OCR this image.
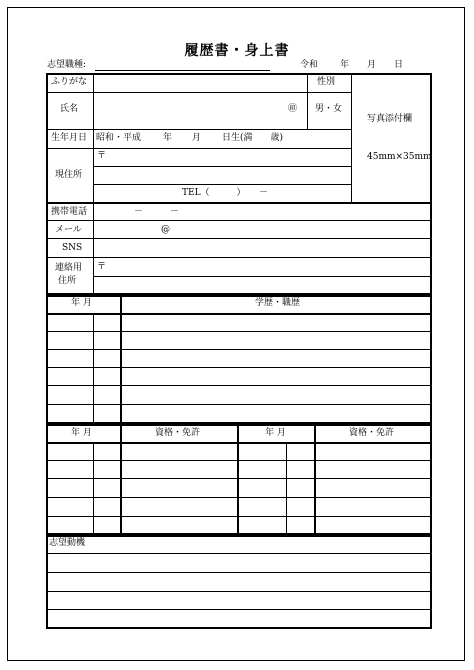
履歴書・身上書
志望職種:	令和 年 月 日
ふりがな	性別
氏名	㊞ 男・女
写真添付欄
45mm×35mm
生年月日 昭和・平成 年 月 日生(満　　歳)
現住所
〒
TEL（　　　）　　－
携帯電話	－　　　－
メール	@
SNS
連絡用
住所
〒
年 月	学歴・職歴
年 月	資格・免許	年 月	資格・免許
志望動機
